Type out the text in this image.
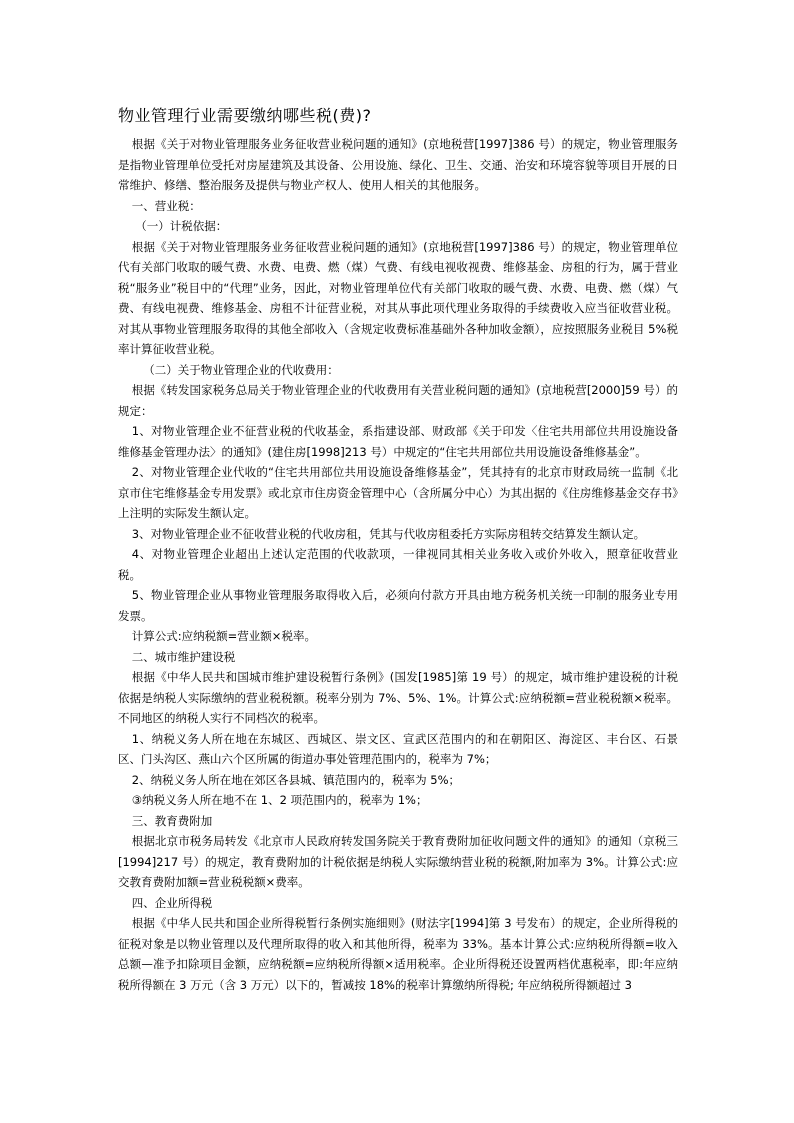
物业管理行业需要缴纳哪些税(费)?

根据《关于对物业管理服务业务征收营业税问题的通知》(京地税营[1997]386 号）的规定，物业管理服务是指物业管理单位受托对房屋建筑及其设备、公用设施、绿化、卫生、交通、治安和环境容貌等项目开展的日常维护、修缮、整治服务及提供与物业产权人、使用人相关的其他服务。

一、营业税：

（一）计税依据：

根据《关于对物业管理服务业务征收营业税问题的通知》(京地税营[1997]386 号）的规定，物业管理单位代有关部门收取的暖气费、水费、电费、燃（煤）气费、有线电视收视费、维修基金、房租的行为，属于营业税“服务业”税目中的“代理”业务，因此，对物业管理单位代有关部门收取的暖气费、水费、电费、燃（煤）气费、有线电视费、维修基金、房租不计征营业税，对其从事此项代理业务取得的手续费收入应当征收营业税。对其从事物业管理服务取得的其他全部收入（含规定收费标准基础外各种加收金额），应按照服务业税目 5%税率计算征收营业税。

（二）关于物业管理企业的代收费用：

根据《转发国家税务总局关于物业管理企业的代收费用有关营业税问题的通知》(京地税营[2000]59 号）的规定：

1、对物业管理企业不征营业税的代收基金，系指建设部、财政部《关于印发〈住宅共用部位共用设施设备维修基金管理办法〉的通知》(建住房[1998]213 号）中规定的“住宅共用部位共用设施设备维修基金”。

2、对物业管理企业代收的“住宅共用部位共用设施设备维修基金”，凭其持有的北京市财政局统一监制《北京市住宅维修基金专用发票》或北京市住房资金管理中心（含所属分中心）为其出据的《住房维修基金交存书》上注明的实际发生额认定。

3、对物业管理企业不征收营业税的代收房租，凭其与代收房租委托方实际房租转交结算发生额认定。

4、对物业管理企业超出上述认定范围的代收款项，一律视同其相关业务收入或价外收入，照章征收营业税。

5、物业管理企业从事物业管理服务取得收入后，必须向付款方开具由地方税务机关统一印制的服务业专用发票。

计算公式:应纳税额=营业额×税率。

二、城市维护建设税

根据《中华人民共和国城市维护建设税暂行条例》(国发[1985]第 19 号）的规定，城市维护建设税的计税依据是纳税人实际缴纳的营业税税额。税率分别为 7%、5%、1%。计算公式:应纳税额=营业税税额×税率。不同地区的纳税人实行不同档次的税率。

1、纳税义务人所在地在东城区、西城区、崇文区、宣武区范围内的和在朝阳区、海淀区、丰台区、石景区、门头沟区、燕山六个区所属的街道办事处管理范围内的，税率为 7%；

2、纳税义务人所在地在郊区各县城、镇范围内的，税率为 5%；

③纳税义务人所在地不在 1、2 项范围内的，税率为 1%；

三、教育费附加

根据北京市税务局转发《北京市人民政府转发国务院关于教育费附加征收问题文件的通知》的通知（京税三[1994]217 号）的规定，教育费附加的计税依据是纳税人实际缴纳营业税的税额,附加率为 3%。计算公式:应交教育费附加额=营业税税额×费率。

四、企业所得税

根据《中华人民共和国企业所得税暂行条例实施细则》(财法字[1994]第 3 号发布）的规定，企业所得税的征税对象是以物业管理以及代理所取得的收入和其他所得，税率为 33%。基本计算公式:应纳税所得额=收入总额—准予扣除项目金额，应纳税额=应纳税所得额×适用税率。企业所得税还设置两档优惠税率，即:年应纳税所得额在 3 万元（含 3 万元）以下的，暂减按 18%的税率计算缴纳所得税; 年应纳税所得额超过 3
